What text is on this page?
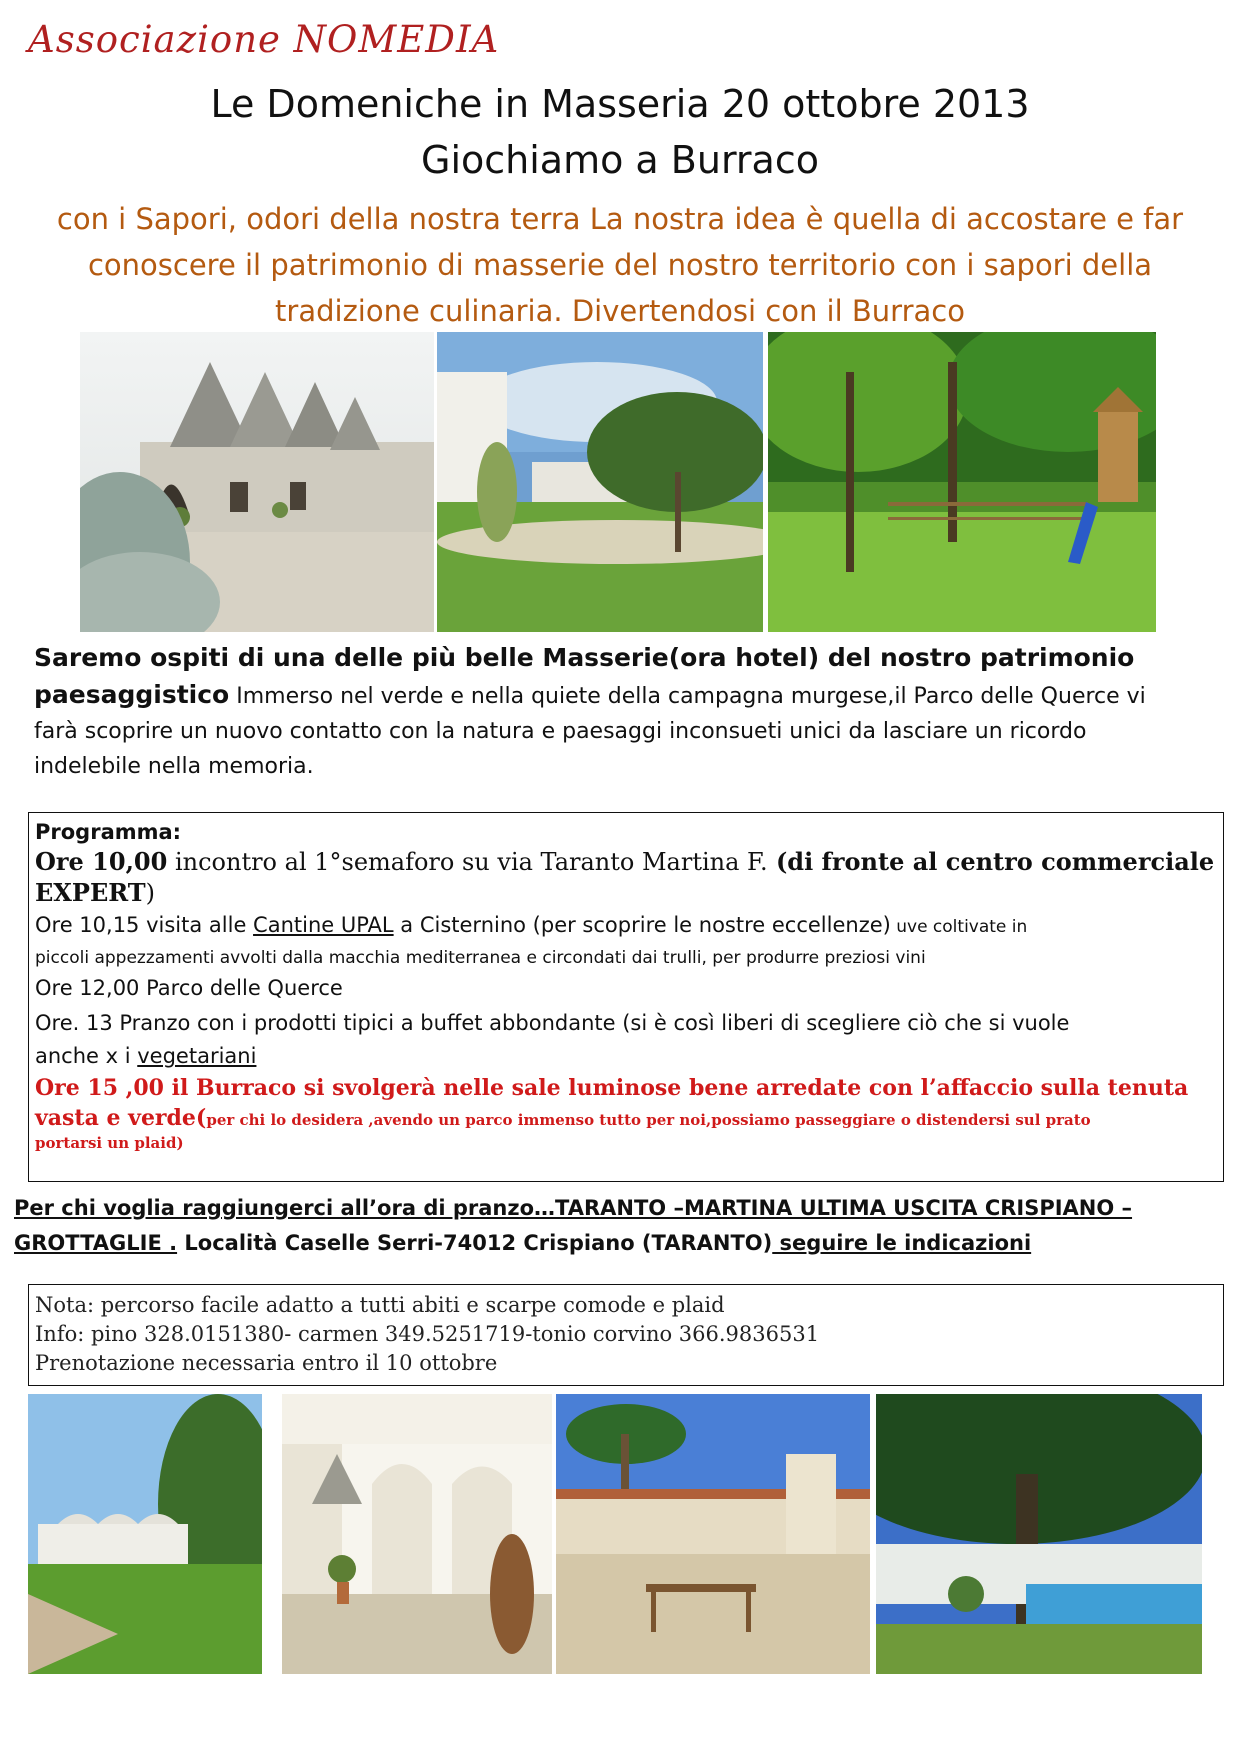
Associazione NOMEDIA
Le Domeniche in Masseria 20 ottobre 2013
Giochiamo a Burraco
con i Sapori, odori della nostra terra La nostra idea è quella di accostare e far
conoscere il patrimonio di masserie del nostro territorio con i sapori della
tradizione culinaria. Divertendosi con il Burraco
Saremo ospiti di una delle più belle Masserie(ora hotel) del nostro patrimonio
paesaggistico Immerso nel verde e nella quiete della campagna murgese,il Parco delle Querce vi
farà scoprire un nuovo contatto con la natura e paesaggi inconsueti unici da lasciare un ricordo
indelebile nella memoria.
Programma:
Ore 10,00 incontro al 1°semaforo su via Taranto Martina F. (di fronte al centro commerciale
EXPERT)
Ore 10,15 visita alle Cantine UPAL a Cisternino (per scoprire le nostre eccellenze) uve coltivate in
piccoli appezzamenti avvolti dalla macchia mediterranea e circondati dai trulli, per produrre preziosi vini
Ore 12,00 Parco delle Querce
Ore. 13 Pranzo con i prodotti tipici a buffet abbondante (si è così liberi di scegliere ciò che si vuole
anche x i vegetariani
Ore 15 ,00 il Burraco si svolgerà nelle sale luminose bene arredate con l’affaccio sulla tenuta
vasta e verde(per chi lo desidera ,avendo un parco immenso tutto per noi,possiamo passeggiare o distendersi sul prato
portarsi un plaid)
Per chi voglia raggiungerci all’ora di pranzo…TARANTO –MARTINA ULTIMA USCITA CRISPIANO –
GROTTAGLIE . Località Caselle Serri-74012 Crispiano (TARANTO) seguire le indicazioni
Nota: percorso facile adatto a tutti abiti e scarpe comode e plaid
Info: pino 328.0151380- carmen 349.5251719-tonio corvino 366.9836531
Prenotazione necessaria entro il 10 ottobre
